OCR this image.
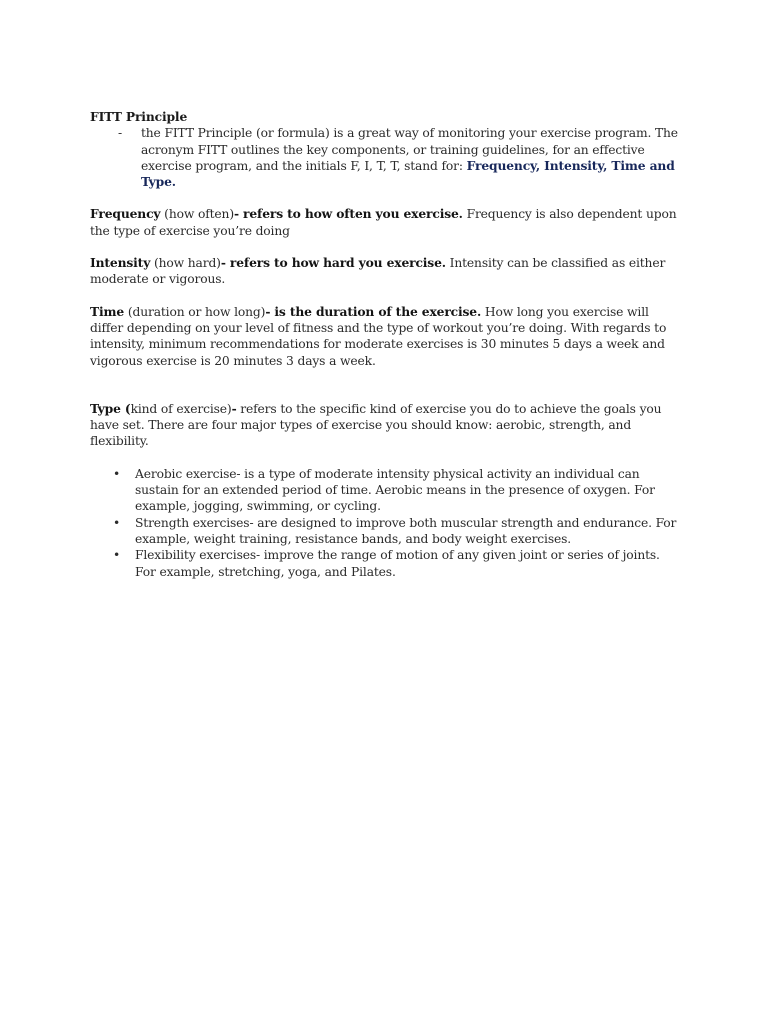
FITT Principle

- the FITT Principle (or formula) is a great way of monitoring your exercise program. The acronym FITT outlines the key components, or training guidelines, for an effective exercise program, and the initials F, I, T, T, stand for: Frequency, Intensity, Time and Type.

Frequency (how often)- refers to how often you exercise. Frequency is also dependent upon the type of exercise you’re doing

Intensity (how hard)- refers to how hard you exercise. Intensity can be classified as either moderate or vigorous.

Time (duration or how long)- is the duration of the exercise. How long you exercise will differ depending on your level of fitness and the type of workout you’re doing. With regards to intensity, minimum recommendations for moderate exercises is 30 minutes 5 days a week and vigorous exercise is 20 minutes 3 days a week.

Type (kind of exercise)- refers to the specific kind of exercise you do to achieve the goals you have set. There are four major types of exercise you should know: aerobic, strength, and flexibility.

• Aerobic exercise- is a type of moderate intensity physical activity an individual can sustain for an extended period of time. Aerobic means in the presence of oxygen. For example, jogging, swimming, or cycling.
• Strength exercises- are designed to improve both muscular strength and endurance. For example, weight training, resistance bands, and body weight exercises.
• Flexibility exercises- improve the range of motion of any given joint or series of joints. For example, stretching, yoga, and Pilates.
